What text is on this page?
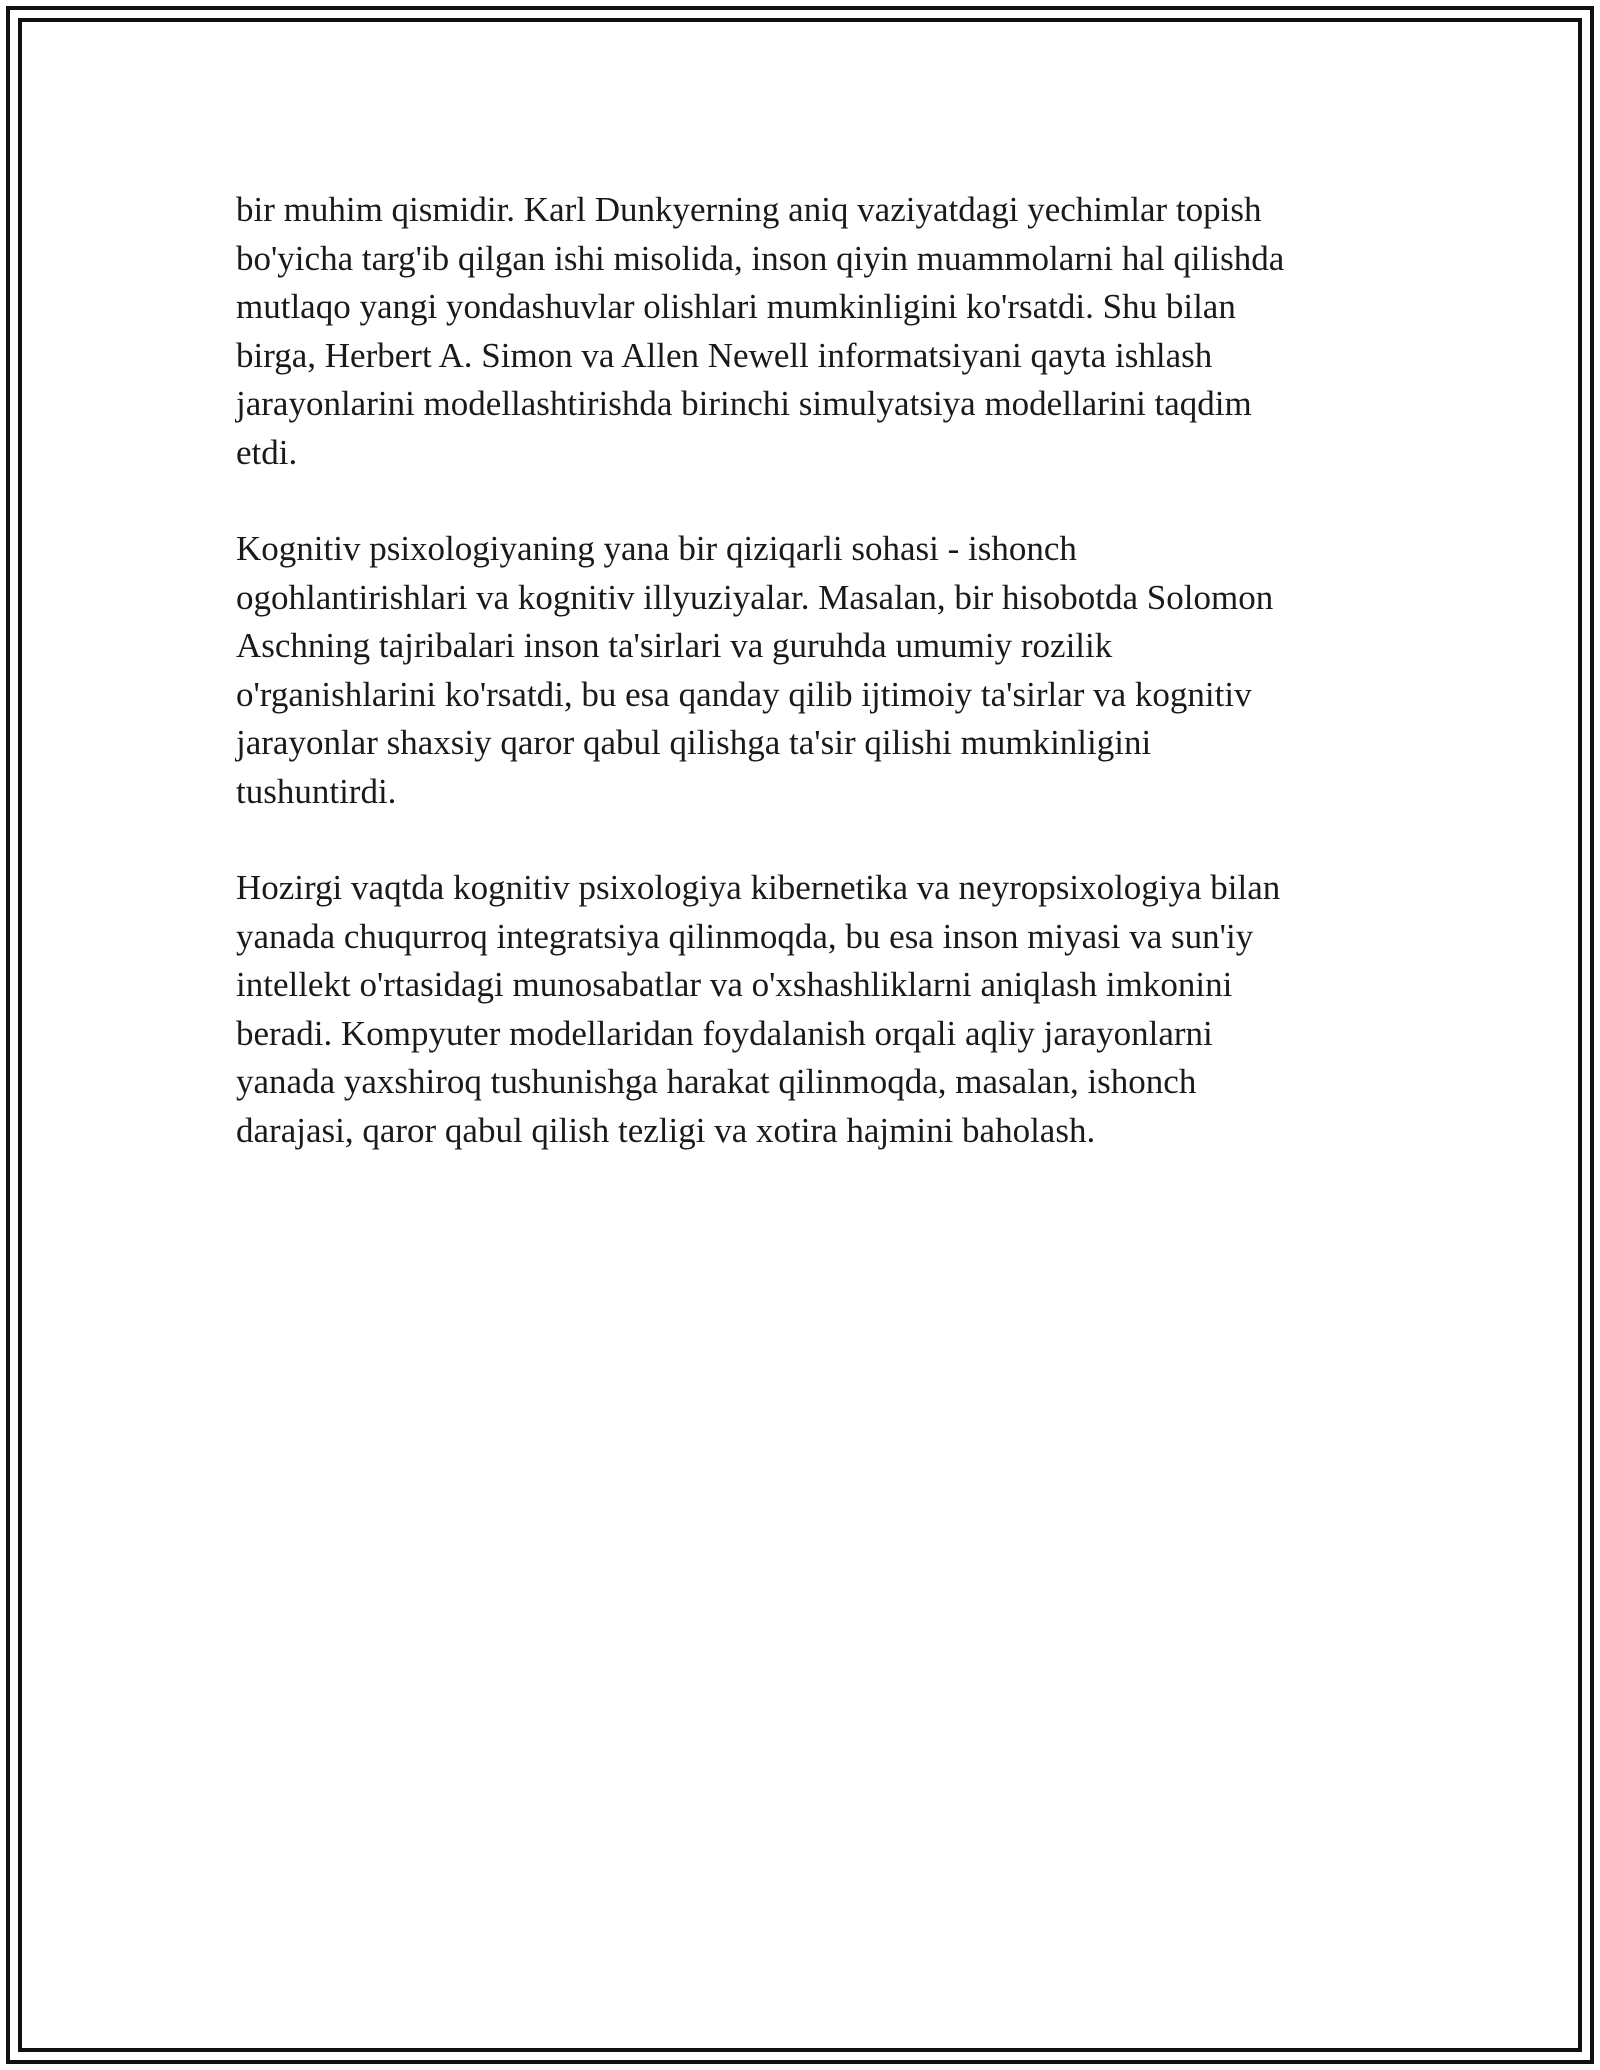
bir muhim qismidir. Karl Dunkyerning aniq vaziyatdagi yechimlar topish
bo'yicha targ'ib qilgan ishi misolida, inson qiyin muammolarni hal qilishda
mutlaqo yangi yondashuvlar olishlari mumkinligini ko'rsatdi. Shu bilan
birga, Herbert A. Simon va Allen Newell informatsiyani qayta ishlash
jarayonlarini modellashtirishda birinchi simulyatsiya modellarini taqdim
etdi.

Kognitiv psixologiyaning yana bir qiziqarli sohasi - ishonch
ogohlantirishlari va kognitiv illyuziyalar. Masalan, bir hisobotda Solomon
Aschning tajribalari inson ta'sirlari va guruhda umumiy rozilik
o'rganishlarini ko'rsatdi, bu esa qanday qilib ijtimoiy ta'sirlar va kognitiv
jarayonlar shaxsiy qaror qabul qilishga ta'sir qilishi mumkinligini
tushuntirdi.

Hozirgi vaqtda kognitiv psixologiya kibernetika va neyropsixologiya bilan
yanada chuqurroq integratsiya qilinmoqda, bu esa inson miyasi va sun'iy
intellekt o'rtasidagi munosabatlar va o'xshashliklarni aniqlash imkonini
beradi. Kompyuter modellaridan foydalanish orqali aqliy jarayonlarni
yanada yaxshiroq tushunishga harakat qilinmoqda, masalan, ishonch
darajasi, qaror qabul qilish tezligi va xotira hajmini baholash.
